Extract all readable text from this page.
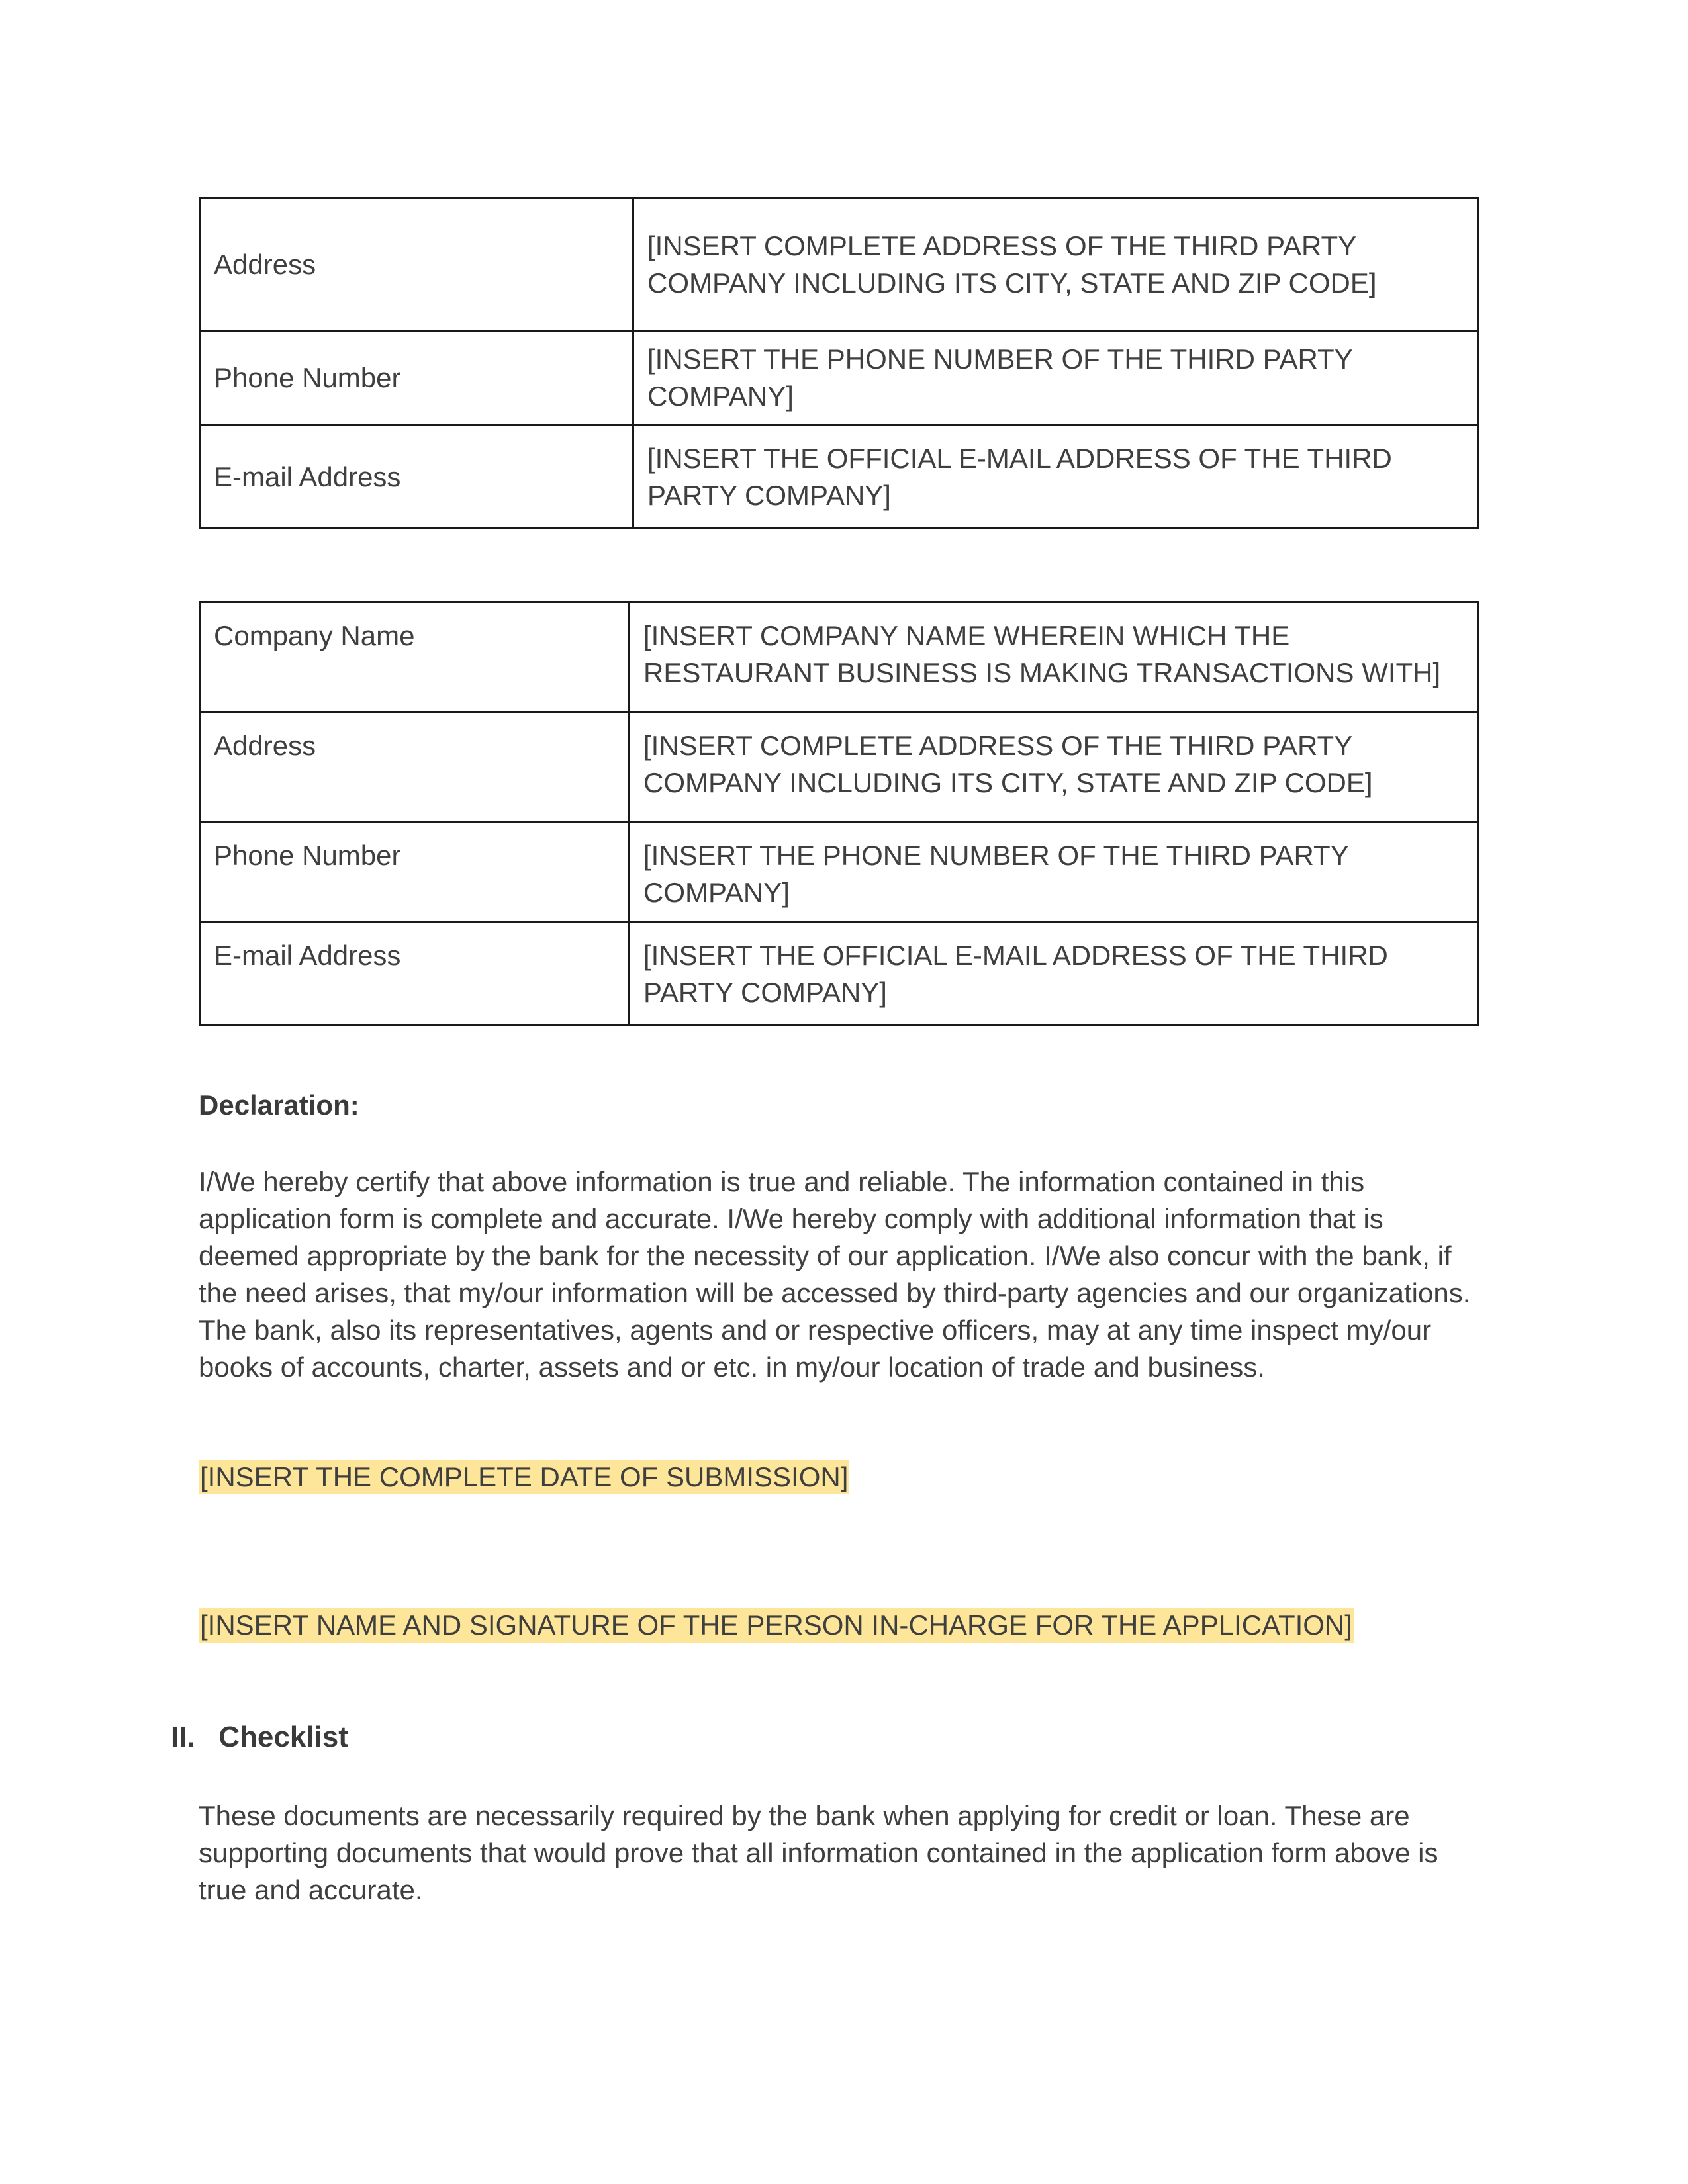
Address	[INSERT COMPLETE ADDRESS OF THE THIRD PARTY COMPANY INCLUDING ITS CITY, STATE AND ZIP CODE]
Phone Number	[INSERT THE PHONE NUMBER OF THE THIRD PARTY COMPANY]
E-mail Address	[INSERT THE OFFICIAL E-MAIL ADDRESS OF THE THIRD PARTY COMPANY]
Company Name	[INSERT COMPANY NAME WHEREIN WHICH THE RESTAURANT BUSINESS IS MAKING TRANSACTIONS WITH]
Address	[INSERT COMPLETE ADDRESS OF THE THIRD PARTY COMPANY INCLUDING ITS CITY, STATE AND ZIP CODE]
Phone Number	[INSERT THE PHONE NUMBER OF THE THIRD PARTY COMPANY]
E-mail Address	[INSERT THE OFFICIAL E-MAIL ADDRESS OF THE THIRD PARTY COMPANY]
Declaration:
I/We hereby certify that above information is true and reliable. The information contained in this application form is complete and accurate. I/We hereby comply with additional information that is deemed appropriate by the bank for the necessity of our application. I/We also concur with the bank, if the need arises, that my/our information will be accessed by third-party agencies and our organizations. The bank, also its representatives, agents and or respective officers, may at any time inspect my/our books of accounts, charter, assets and or etc. in my/our location of trade and business.
[INSERT THE COMPLETE DATE OF SUBMISSION]
[INSERT NAME AND SIGNATURE OF THE PERSON IN-CHARGE FOR THE APPLICATION]
II. Checklist
These documents are necessarily required by the bank when applying for credit or loan. These are supporting documents that would prove that all information contained in the application form above is true and accurate.
